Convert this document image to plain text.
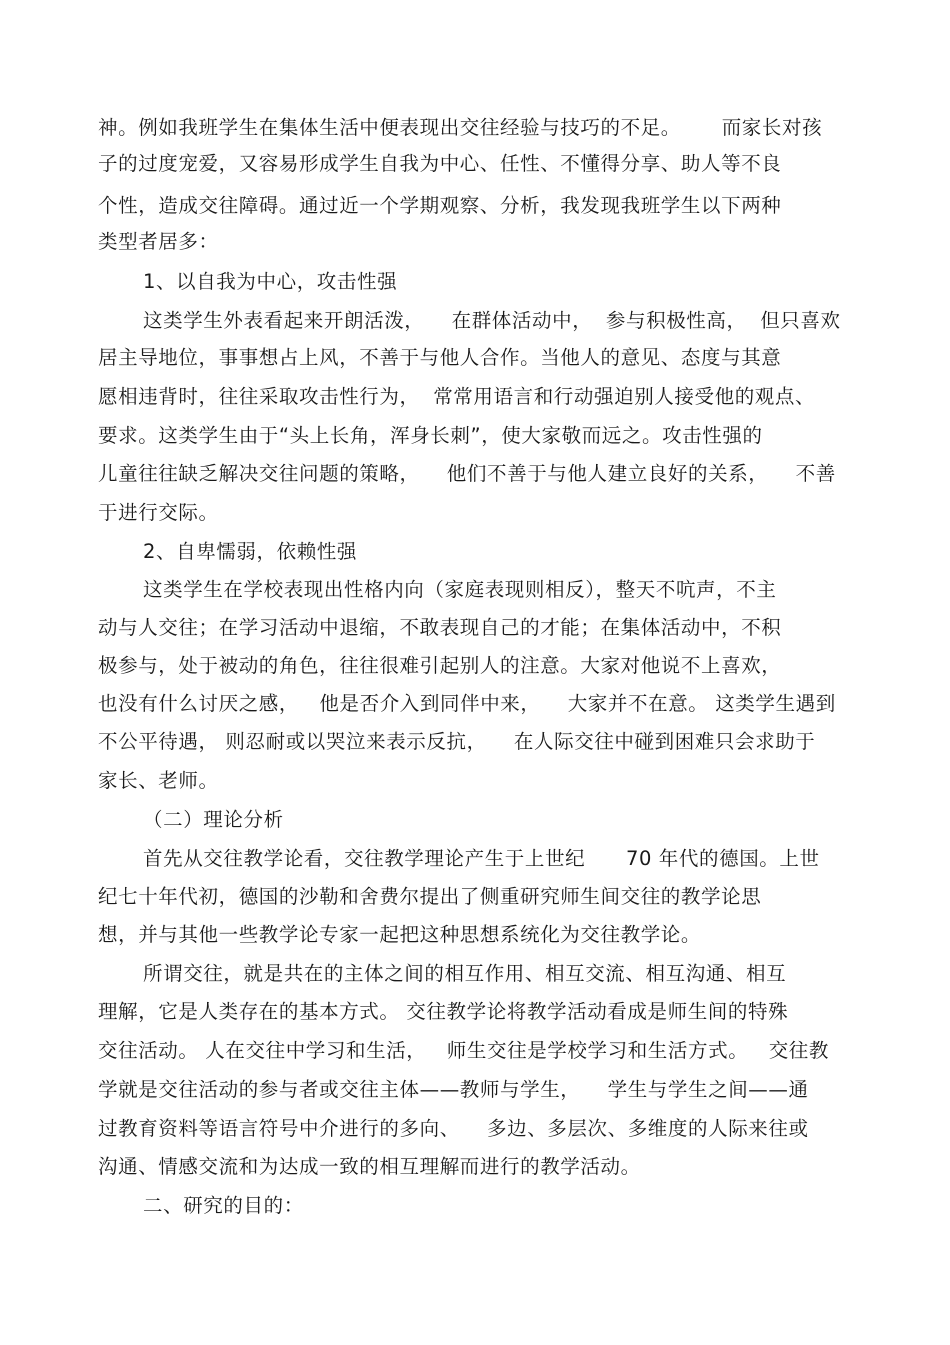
神。例如我班学生在集体生活中便表现出交往经验与技巧的不足。      而家长对孩
子的过度宠爱，又容易形成学生自我为中心、任性、不懂得分享、助人等不良
个性，造成交往障碍。通过近一个学期观察、分析，我发现我班学生以下两种
类型者居多：
1、以自我为中心，攻击性强
这类学生外表看起来开朗活泼，    在群体活动中，  参与积极性高，  但只喜欢
居主导地位，事事想占上风，不善于与他人合作。当他人的意见、态度与其意
愿相违背时，往往采取攻击性行为，  常常用语言和行动强迫别人接受他的观点、
要求。这类学生由于“头上长角，浑身长刺”，使大家敬而远之。攻击性强的
儿童往往缺乏解决交往问题的策略，    他们不善于与他人建立良好的关系，    不善
于进行交际。
2、自卑懦弱，依赖性强
这类学生在学校表现出性格内向（家庭表现则相反），整天不吭声，不主
动与人交往；在学习活动中退缩，不敢表现自己的才能；在集体活动中，不积
极参与，处于被动的角色，往往很难引起别人的注意。大家对他说不上喜欢，
也没有什么讨厌之感，   他是否介入到同伴中来，    大家并不在意。 这类学生遇到
不公平待遇， 则忍耐或以哭泣来表示反抗，    在人际交往中碰到困难只会求助于
家长、老师。
（二）理论分析
首先从交往教学论看，交往教学理论产生于上世纪      70 年代的德国。上世
纪七十年代初，德国的沙勒和舍费尔提出了侧重研究师生间交往的教学论思
想，并与其他一些教学论专家一起把这种思想系统化为交往教学论。
所谓交往，就是共在的主体之间的相互作用、相互交流、相互沟通、相互
理解，它是人类存在的基本方式。 交往教学论将教学活动看成是师生间的特殊
交往活动。 人在交往中学习和生活，   师生交往是学校学习和生活方式。   交往教
学就是交往活动的参与者或交往主体——教师与学生，    学生与学生之间——通
过教育资料等语言符号中介进行的多向、    多边、多层次、多维度的人际来往或
沟通、情感交流和为达成一致的相互理解而进行的教学活动。
二、研究的目的：
